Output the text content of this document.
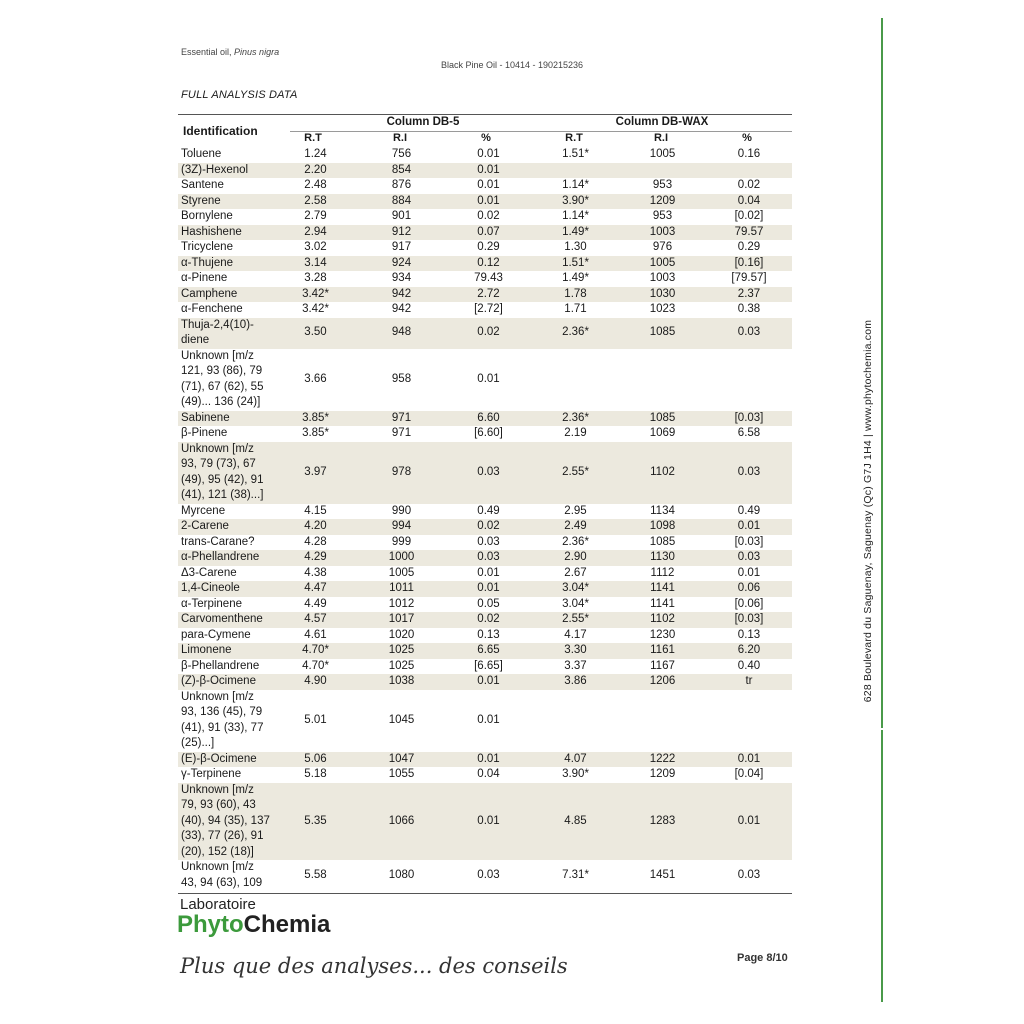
Essential oil, Pinus nigra
Black Pine Oil - 10414 - 190215236
FULL ANALYSIS DATA
Identification
Column DB-5	Column DB-WAX
R.T	R.I	%	R.T	R.I	%
Toluene	1.24	756	0.01	1.51*	1005	0.16
(3Z)-Hexenol	2.20	854	0.01			
Santene	2.48	876	0.01	1.14*	953	0.02
Styrene	2.58	884	0.01	3.90*	1209	0.04
Bornylene	2.79	901	0.02	1.14*	953	[0.02]
Hashishene	2.94	912	0.07	1.49*	1003	79.57
Tricyclene	3.02	917	0.29	1.30	976	0.29
α-Thujene	3.14	924	0.12	1.51*	1005	[0.16]
α-Pinene	3.28	934	79.43	1.49*	1003	[79.57]
Camphene	3.42*	942	2.72	1.78	1030	2.37
α-Fenchene	3.42*	942	[2.72]	1.71	1023	0.38
Thuja-2,4(10)-diene	3.50	948	0.02	2.36*	1085	0.03
Unknown [m/z 121, 93 (86), 79 (71), 67 (62), 55 (49)... 136 (24)]	3.66	958	0.01			
Sabinene	3.85*	971	6.60	2.36*	1085	[0.03]
β-Pinene	3.85*	971	[6.60]	2.19	1069	6.58
Unknown [m/z 93, 79 (73), 67 (49), 95 (42), 91 (41), 121 (38)...]	3.97	978	0.03	2.55*	1102	0.03
Myrcene	4.15	990	0.49	2.95	1134	0.49
2-Carene	4.20	994	0.02	2.49	1098	0.01
trans-Carane?	4.28	999	0.03	2.36*	1085	[0.03]
α-Phellandrene	4.29	1000	0.03	2.90	1130	0.03
Δ3-Carene	4.38	1005	0.01	2.67	1112	0.01
1,4-Cineole	4.47	1011	0.01	3.04*	1141	0.06
α-Terpinene	4.49	1012	0.05	3.04*	1141	[0.06]
Carvomenthene	4.57	1017	0.02	2.55*	1102	[0.03]
para-Cymene	4.61	1020	0.13	4.17	1230	0.13
Limonene	4.70*	1025	6.65	3.30	1161	6.20
β-Phellandrene	4.70*	1025	[6.65]	3.37	1167	0.40
(Z)-β-Ocimene	4.90	1038	0.01	3.86	1206	tr
Unknown [m/z 93, 136 (45), 79 (41), 91 (33), 77 (25)...]	5.01	1045	0.01			
(E)-β-Ocimene	5.06	1047	0.01	4.07	1222	0.01
γ-Terpinene	5.18	1055	0.04	3.90*	1209	[0.04]
Unknown [m/z 79, 93 (60), 43 (40), 94 (35), 137 (33), 77 (26), 91 (20), 152 (18)]	5.35	1066	0.01	4.85	1283	0.01
Unknown [m/z 43, 94 (63), 109	5.58	1080	0.03	7.31*	1451	0.03
628 Boulevard du Saguenay, Saguenay (Qc) G7J 1H4 | www.phytochemia.com
Laboratoire
PhytoChemia
Plus que des analyses... des conseils	Page 8/10
